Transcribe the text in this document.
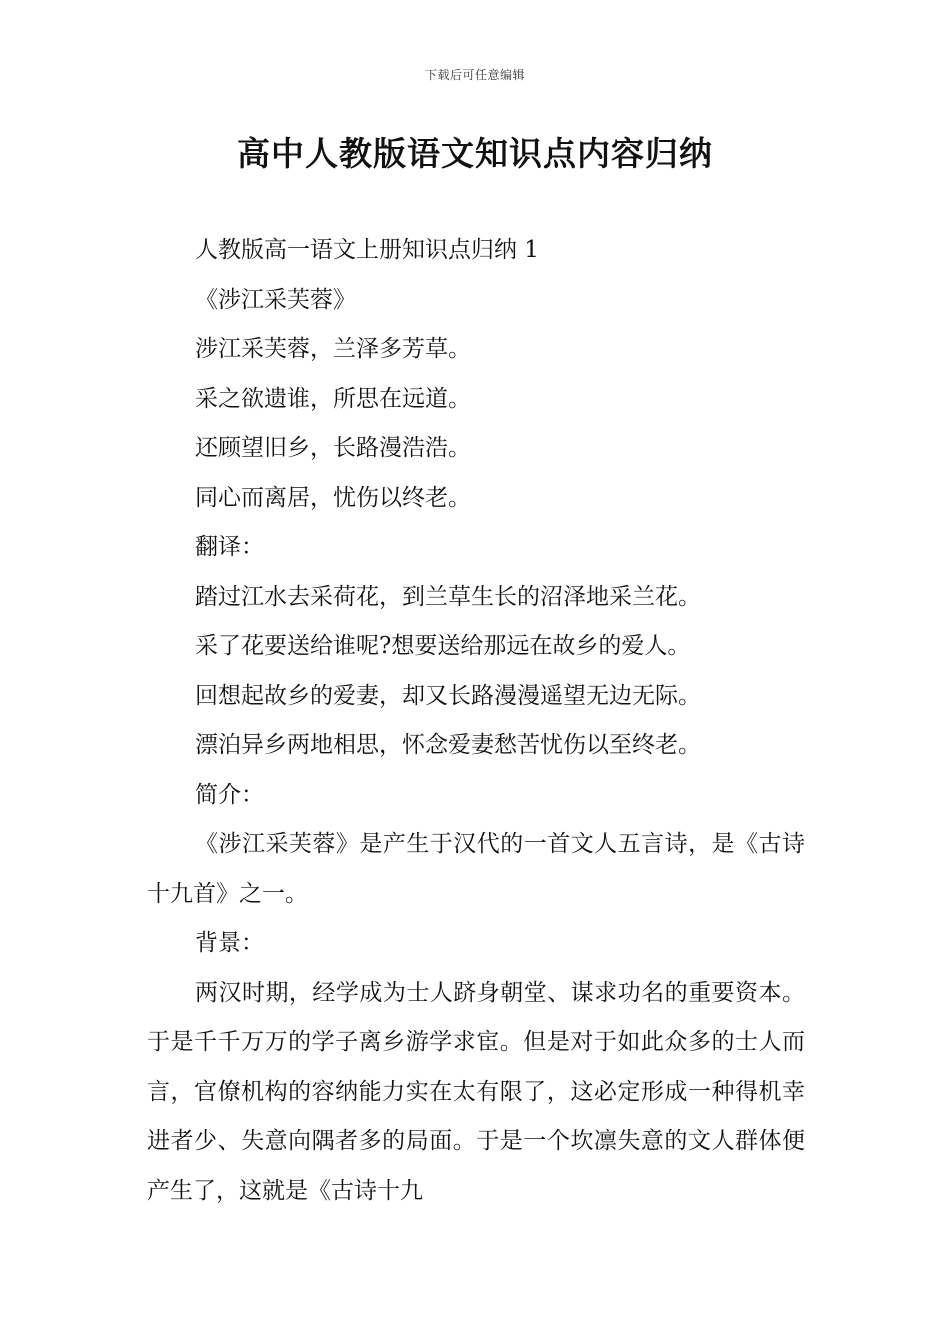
下载后可任意编辑
高中人教版语文知识点内容归纳

人教版高一语文上册知识点归纳 1

《涉江采芙蓉》

涉江采芙蓉，兰泽多芳草。

采之欲遗谁，所思在远道。

还顾望旧乡，长路漫浩浩。

同心而离居，忧伤以终老。

翻译：

踏过江水去采荷花，到兰草生长的沼泽地采兰花。

采了花要送给谁呢?想要送给那远在故乡的爱人。

回想起故乡的爱妻，却又长路漫漫遥望无边无际。

漂泊异乡两地相思，怀念爱妻愁苦忧伤以至终老。

简介：

《涉江采芙蓉》是产生于汉代的一首文人五言诗，是《古诗十九首》之一。

背景：

两汉时期，经学成为士人跻身朝堂、谋求功名的重要资本。于是千千万万的学子离乡游学求宦。但是对于如此众多的士人而言，官僚机构的容纳能力实在太有限了，这必定形成一种得机幸进者少、失意向隅者多的局面。于是一个坎凛失意的文人群体便产生了，这就是《古诗十九
